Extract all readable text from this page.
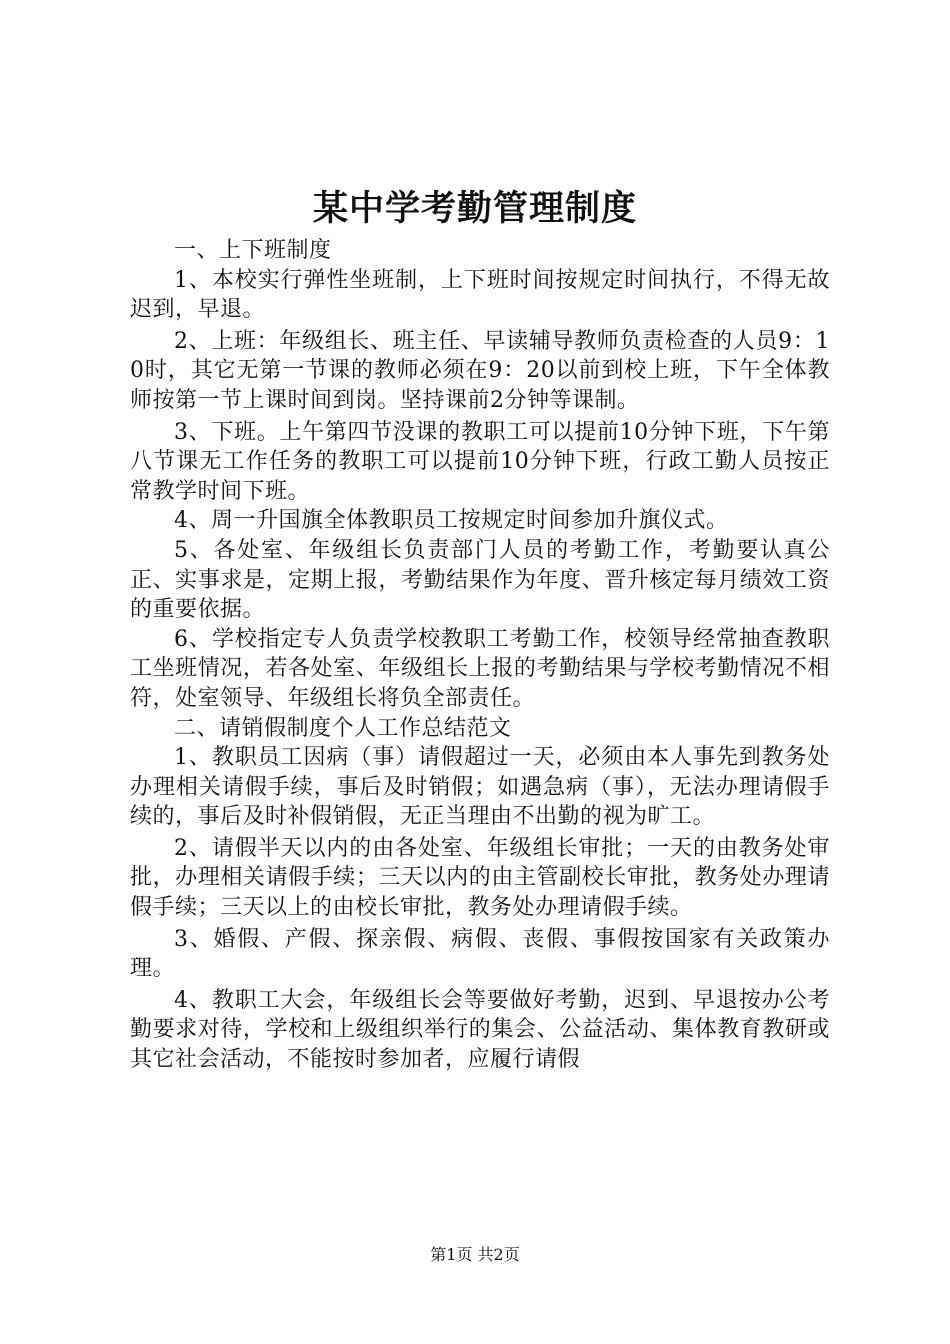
某中学考勤管理制度

一、上下班制度

1、本校实行弹性坐班制，上下班时间按规定时间执行，不得无故迟到，早退。

2、上班：年级组长、班主任、早读辅导教师负责检查的人员9：10时，其它无第一节课的教师必须在9：20以前到校上班，下午全体教师按第一节上课时间到岗。坚持课前2分钟等课制。

3、下班。上午第四节没课的教职工可以提前10分钟下班，下午第八节课无工作任务的教职工可以提前10分钟下班，行政工勤人员按正常教学时间下班。

4、周一升国旗全体教职员工按规定时间参加升旗仪式。

5、各处室、年级组长负责部门人员的考勤工作，考勤要认真公正、实事求是，定期上报，考勤结果作为年度、晋升核定每月绩效工资的重要依据。

6、学校指定专人负责学校教职工考勤工作，校领导经常抽查教职工坐班情况，若各处室、年级组长上报的考勤结果与学校考勤情况不相符，处室领导、年级组长将负全部责任。

二、请销假制度个人工作总结范文

1、教职员工因病（事）请假超过一天，必须由本人事先到教务处办理相关请假手续，事后及时销假；如遇急病（事），无法办理请假手续的，事后及时补假销假，无正当理由不出勤的视为旷工。

2、请假半天以内的由各处室、年级组长审批；一天的由教务处审批，办理相关请假手续；三天以内的由主管副校长审批，教务处办理请假手续；三天以上的由校长审批，教务处办理请假手续。

3、婚假、产假、探亲假、病假、丧假、事假按国家有关政策办理。

4、教职工大会，年级组长会等要做好考勤，迟到、早退按办公考勤要求对待，学校和上级组织举行的集会、公益活动、集体教育教研或其它社会活动，不能按时参加者，应履行请假

第1页 共2页
